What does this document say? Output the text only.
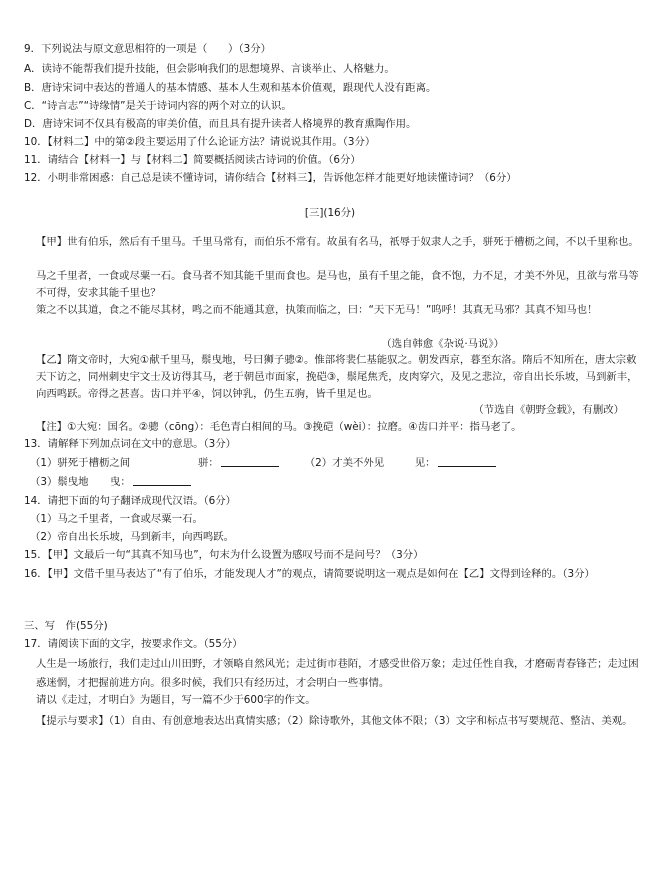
9．下列说法与原文意思相符的一项是（　　）（3分）
A．读诗不能帮我们提升技能，但会影响我们的思想境界、言谈举止、人格魅力。
B．唐诗宋词中表达的普通人的基本情感、基本人生观和基本价值观，跟现代人没有距离。
C．“诗言志”“诗缘情”是关于诗词内容的两个对立的认识。
D．唐诗宋词不仅具有极高的审美价值，而且具有提升读者人格境界的教育熏陶作用。
10．【材料二】中的第②段主要运用了什么论证方法？请说说其作用。（3分）
11．请结合【材料一】与【材料二】简要概括阅读古诗词的价值。（6分）
12．小明非常困惑：自己总是读不懂诗词，请你结合【材料三】，告诉他怎样才能更好地读懂诗词？（6分）
[三](16分)
【甲】世有伯乐，然后有千里马。千里马常有，而伯乐不常有。故虽有名马，祇辱于奴隶人之手，骈死于槽枥之间，不以千里称也。
马之千里者，一食或尽粟一石。食马者不知其能千里而食也。是马也，虽有千里之能，食不饱，力不足，才美不外见，且欲与常马等不可得，安求其能千里也？
策之不以其道，食之不能尽其材，鸣之而不能通其意，执策而临之，曰：“天下无马！”呜呼！其真无马邪？其真不知马也！
（选自韩愈《杂说·马说》）
【乙】隋文帝时，大宛①献千里马，鬃曳地，号曰狮子骢②。惟部将裴仁基能驭之。朝发西京，暮至东洛。隋后不知所在，唐太宗敕天下访之，同州刺史宇文士及访得其马，老于朝邑市面家，挽硙③，鬃尾焦秃，皮肉穿穴，及见之悲泣，帝自出长乐坡，马到新丰，向西鸣跃。帝得之甚喜。齿口并平④，饲以钟乳，仍生五驹，皆千里足也。
（节选自《朝野佥载》，有删改）
【注】①大宛：国名。②骢（cōng）：毛色青白相间的马。③挽硙（wèi）：拉磨。④齿口并平：指马老了。
13．请解释下列加点词在文中的意思。（3分）
（1）骈死于槽枥之间	骈：	（2）才美不外见	见：
（3）鬃曳地 曳：
14．请把下面的句子翻译成现代汉语。（6分）
（1）马之千里者，一食或尽粟一石。
（2）帝自出长乐坡，马到新丰，向西鸣跃。
15．【甲】文最后一句“其真不知马也”，句末为什么设置为感叹号而不是问号？（3分）
16．【甲】文借千里马表达了“有了伯乐，才能发现人才”的观点，请简要说明这一观点是如何在【乙】文得到诠释的。（3分）
三、写　作(55分)
17．请阅读下面的文字，按要求作文。（55分）
人生是一场旅行，我们走过山川田野，才领略自然风光；走过街市巷陌，才感受世俗万象；走过任性自我，才磨砺青春锋芒；走过困惑迷惘，才把握前进方向。很多时候，我们只有经历过，才会明白一些事情。
请以《走过，才明白》为题目，写一篇不少于600字的作文。
【提示与要求】（1）自由、有创意地表达出真情实感；（2）除诗歌外，其他文体不限；（3）文字和标点书写要规范、整洁、美观。
